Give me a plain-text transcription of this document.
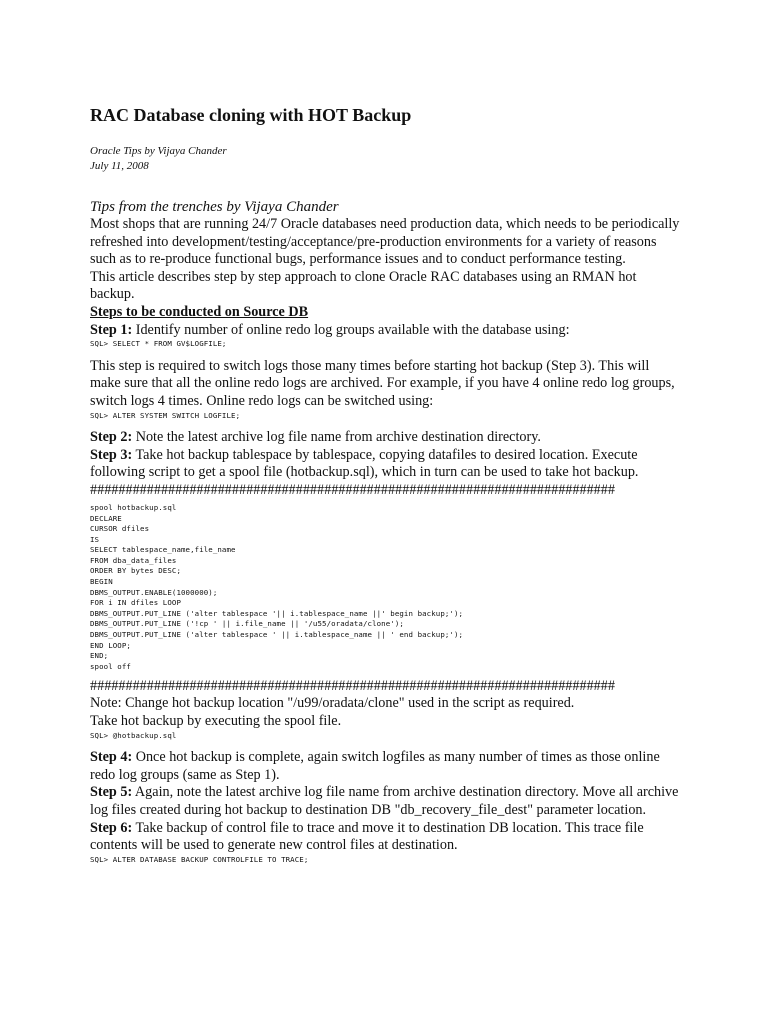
RAC Database cloning with HOT Backup
Oracle Tips by Vijaya Chander
July 11, 2008
Tips from the trenches by Vijaya Chander

Most shops that are running 24/7 Oracle databases need production data, which needs to be periodically refreshed into development/testing/acceptance/pre-production environments for a variety of reasons such as to re-produce functional bugs, performance issues and to conduct performance testing.

This article describes step by step approach to clone Oracle RAC databases using an RMAN hot backup.

Steps to be conducted on Source DB

Step 1: Identify number of online redo log groups available with the database using:

SQL> SELECT * FROM GV$LOGFILE;

This step is required to switch logs those many times before starting hot backup (Step 3). This will make sure that all the online redo logs are archived. For example, if you have 4 online redo log groups, switch logs 4 times. Online redo logs can be switched using:

SQL> ALTER SYSTEM SWITCH LOGFILE;

Step 2: Note the latest archive log file name from archive destination directory.

Step 3: Take hot backup tablespace by tablespace, copying datafiles to desired location. Execute following script to get a spool file (hotbackup.sql), which in turn can be used to take hot backup.

##########################################################################
spool hotbackup.sql
DECLARE
CURSOR dfiles
IS
SELECT tablespace_name,file_name
FROM dba_data_files
ORDER BY bytes DESC;
BEGIN
DBMS_OUTPUT.ENABLE(1000000);
FOR i IN dfiles LOOP
DBMS_OUTPUT.PUT_LINE ('alter tablespace '|| i.tablespace_name ||' begin backup;');
DBMS_OUTPUT.PUT_LINE ('!cp ' || i.file_name || '/u55/oradata/clone');
DBMS_OUTPUT.PUT_LINE ('alter tablespace ' || i.tablespace_name || ' end backup;');
END LOOP;
END;
spool off
##########################################################################

Note: Change hot backup location "/u99/oradata/clone" used in the script as required.

Take hot backup by executing the spool file.

SQL> @hotbackup.sql

Step 4: Once hot backup is complete, again switch logfiles as many number of times as those online redo log groups (same as Step 1).

Step 5: Again, note the latest archive log file name from archive destination directory. Move all archive log files created during hot backup to destination DB "db_recovery_file_dest" parameter location.

Step 6: Take backup of control file to trace and move it to destination DB location. This trace file contents will be used to generate new control files at destination.

SQL> ALTER DATABASE BACKUP CONTROLFILE TO TRACE;
